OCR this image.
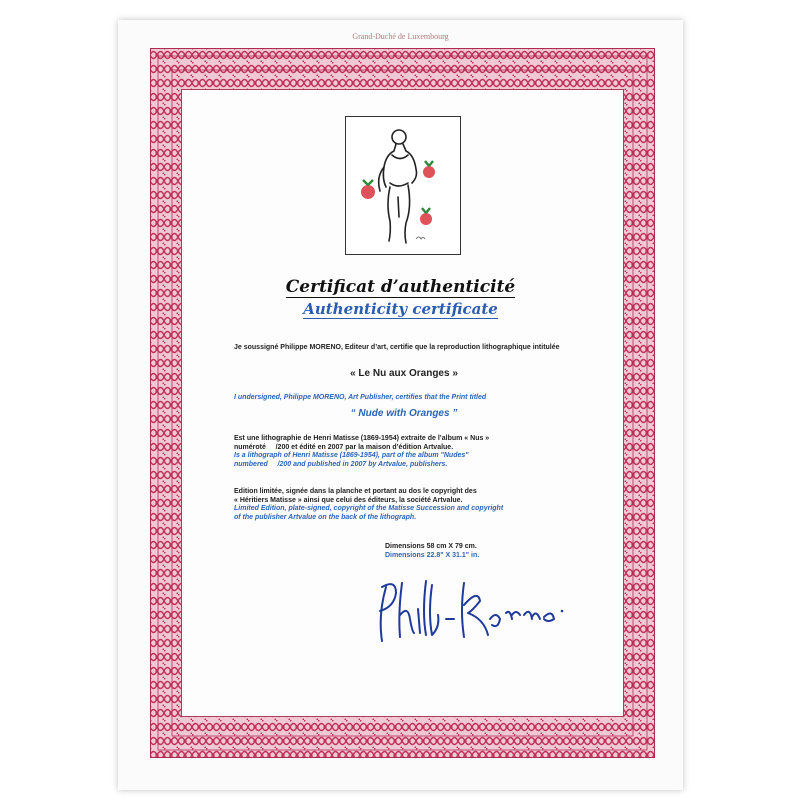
Grand-Duché de Luxembourg
Certificat d’authenticité
Authenticity certificate
Je soussigné Philippe MORENO, Editeur d’art, certifie que la reproduction lithographique intitulée
« Le Nu aux Oranges »
I undersigned, Philippe MORENO, Art Publisher, certifies that the Print titled
“ Nude with Oranges ”
Est une lithographie de Henri Matisse (1869-1954) extraite de l’album « Nus »
numéroté     /200 et édité en 2007 par la maison d’édition Artvalue.
Is a lithograph of Henri Matisse (1869-1954), part of the album "Nudes"
numbered     /200 and published in 2007 by Artvalue, publishers.
Edition limitée, signée dans la planche et portant au dos le copyright des
« Héritiers Matisse » ainsi que celui des éditeurs, la société Artvalue.
Limited Edition, plate-signed, copyright of the Matisse Succession and copyright
of the publisher Artvalue on the back of the lithograph.
Dimensions 58 cm X 79 cm.
Dimensions 22.8" X 31.1" in.
